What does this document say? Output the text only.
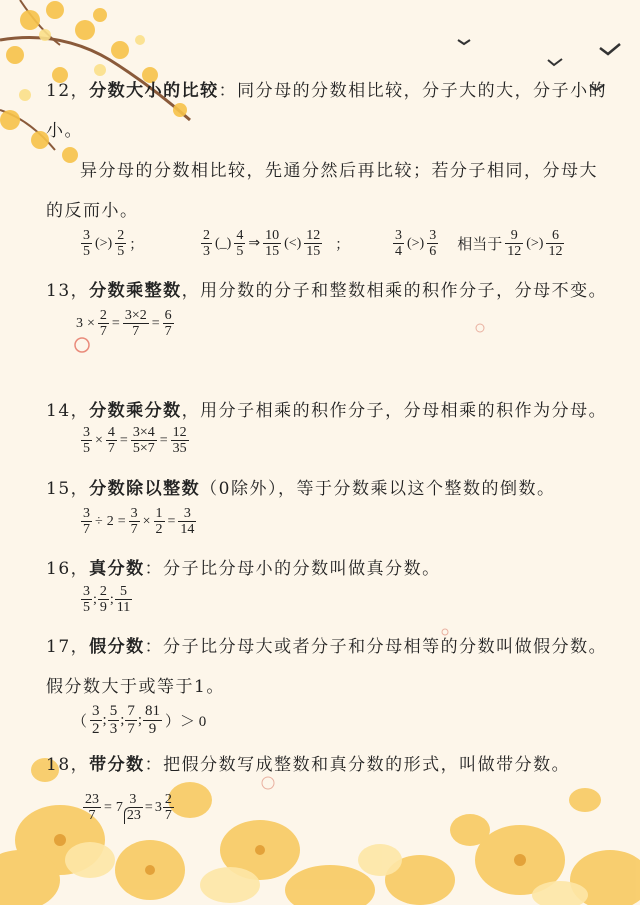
12，分数大小的比较：同分母的分数相比较，分子大的大，分子小的
小。
异分母的分数相比较，先通分然后再比较；若分子相同，分母大
的反而小。
$\frac{3}{5}$ (>) $\frac{2}{5}$ ；	$\frac{2}{3}$ (_) $\frac{4}{5}$ ⇒ $\frac{10}{15}$ (<) $\frac{12}{15}$ ；	$\frac{3}{4}$ (>) $\frac{3}{6}$ 相当于 $\frac{9}{12}$ (>) $\frac{6}{12}$
13，分数乘整数，用分数的分子和整数相乘的积作分子，分母不变。
$3 \times \frac{2}{7} = \frac{3\times 2}{7} = \frac{6}{7}$
14，分数乘分数，用分子相乘的积作分子，分母相乘的积作为分母。
$\frac{3}{5} \times \frac{4}{7} = \frac{3\times 4}{5\times 7} = \frac{12}{35}$
15，分数除以整数（0除外），等于分数乘以这个整数的倒数。
$\frac{3}{7} \div 2 = \frac{3}{7} \times \frac{1}{2} = \frac{3}{14}$
16，真分数：分子比分母小的分数叫做真分数。
$\frac{3}{5}$ ; $\frac{2}{9}$ ; $\frac{5}{11}$
17，假分数：分子比分母大或者分子和分母相等的分数叫做假分数。
假分数大于或等于1。
（ $\frac{3}{2}$ ; $\frac{5}{3}$ ; $\frac{7}{7}$ ; $\frac{81}{9}$ ）＞ 0
18，带分数：把假分数写成整数和真分数的形式，叫做带分数。
$\frac{23}{7} = 7 \frac{3}{23} = 3 \frac{2}{7}$
